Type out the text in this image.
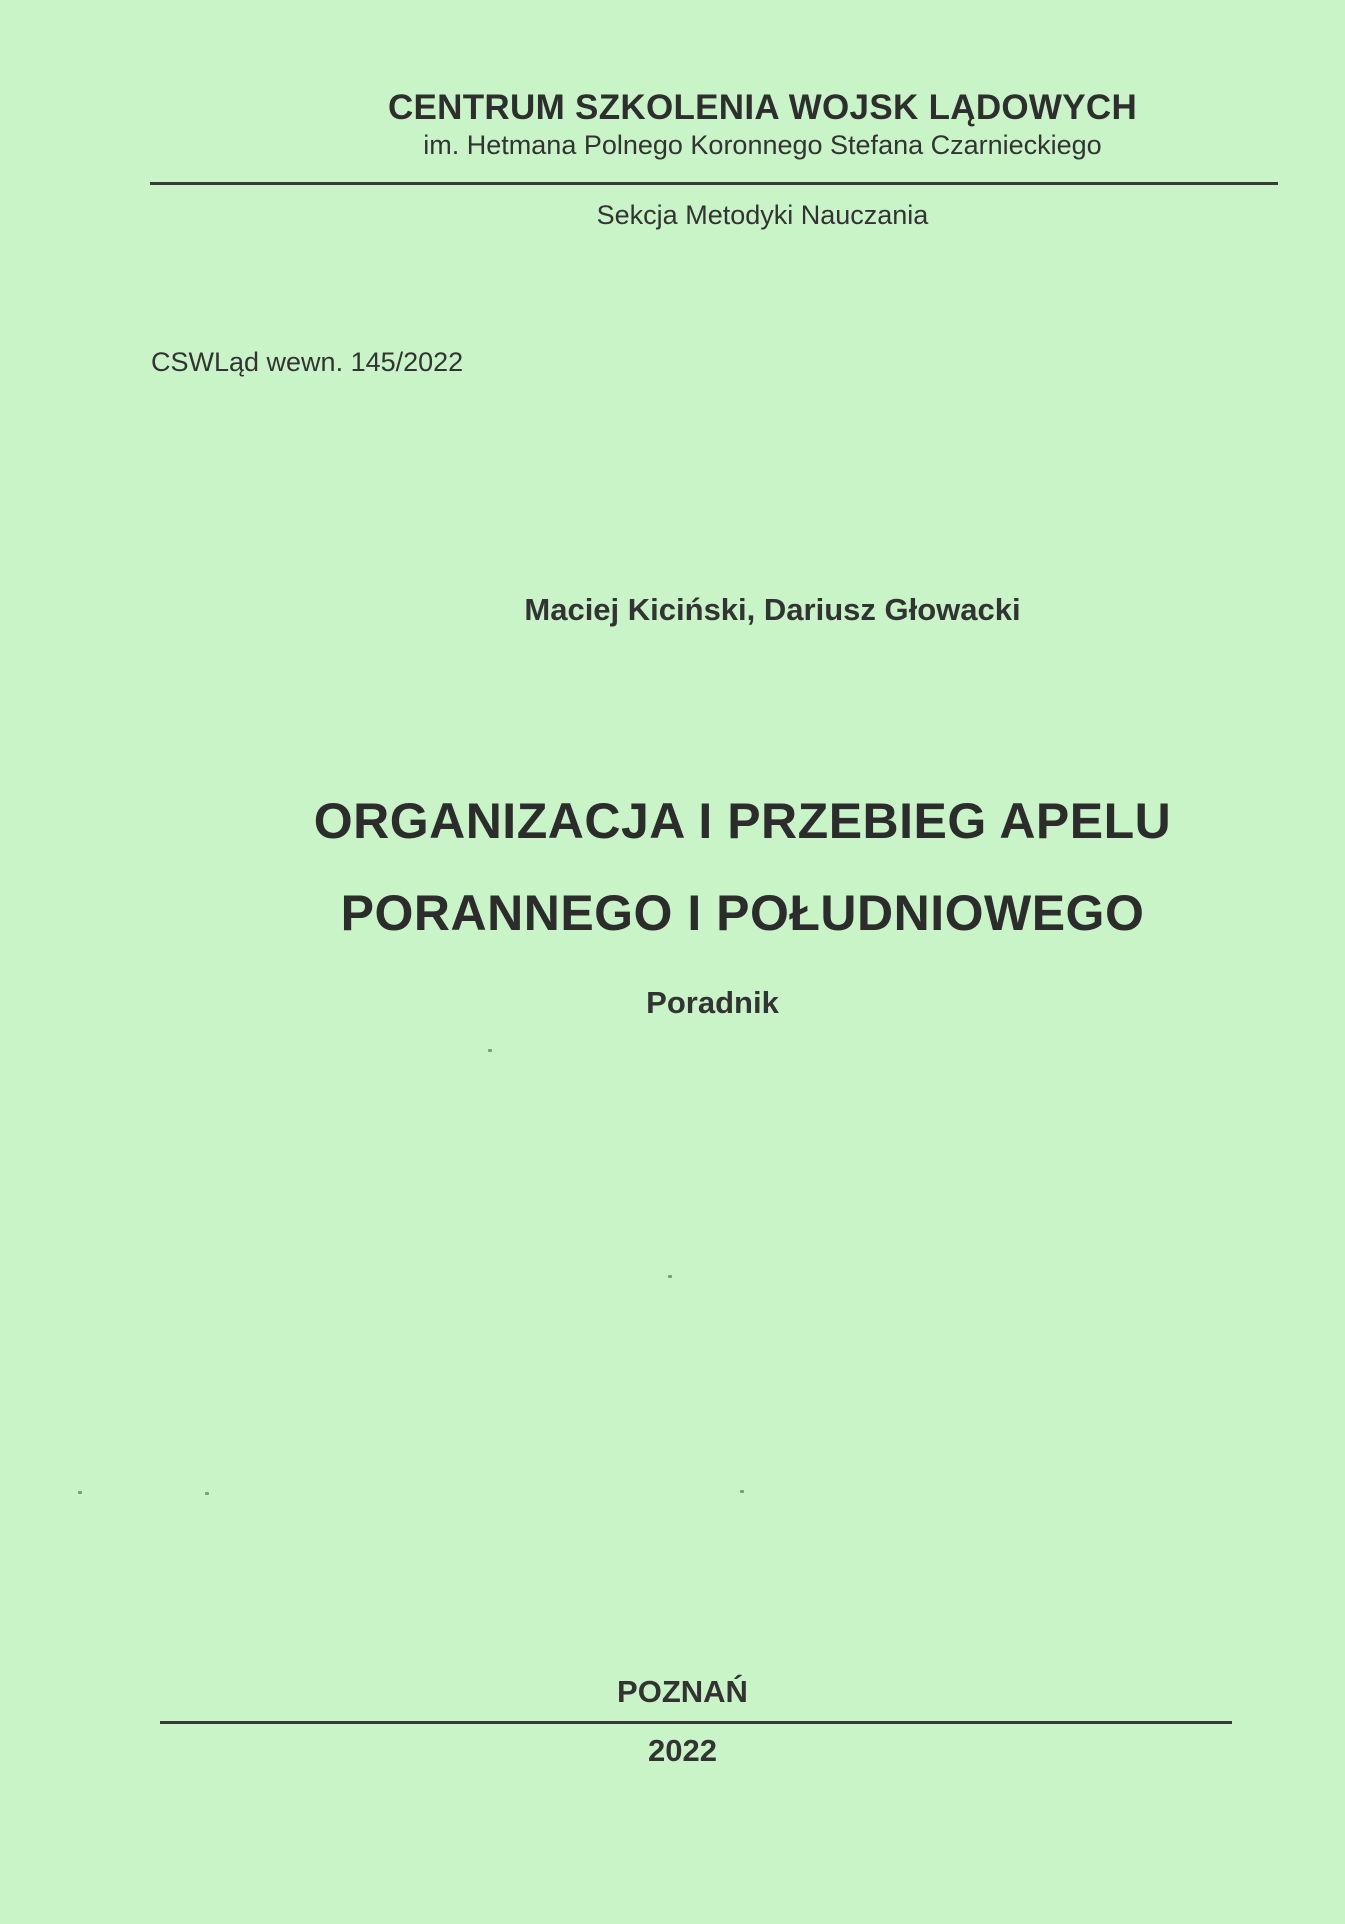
CENTRUM SZKOLENIA WOJSK LĄDOWYCH
im. Hetmana Polnego Koronnego Stefana Czarnieckiego
Sekcja Metodyki Nauczania
CSWLąd wewn. 145/2022
Maciej Kiciński, Dariusz Głowacki
ORGANIZACJA I PRZEBIEG APELU
PORANNEGO I POŁUDNIOWEGO
Poradnik
POZNAŃ
2022
